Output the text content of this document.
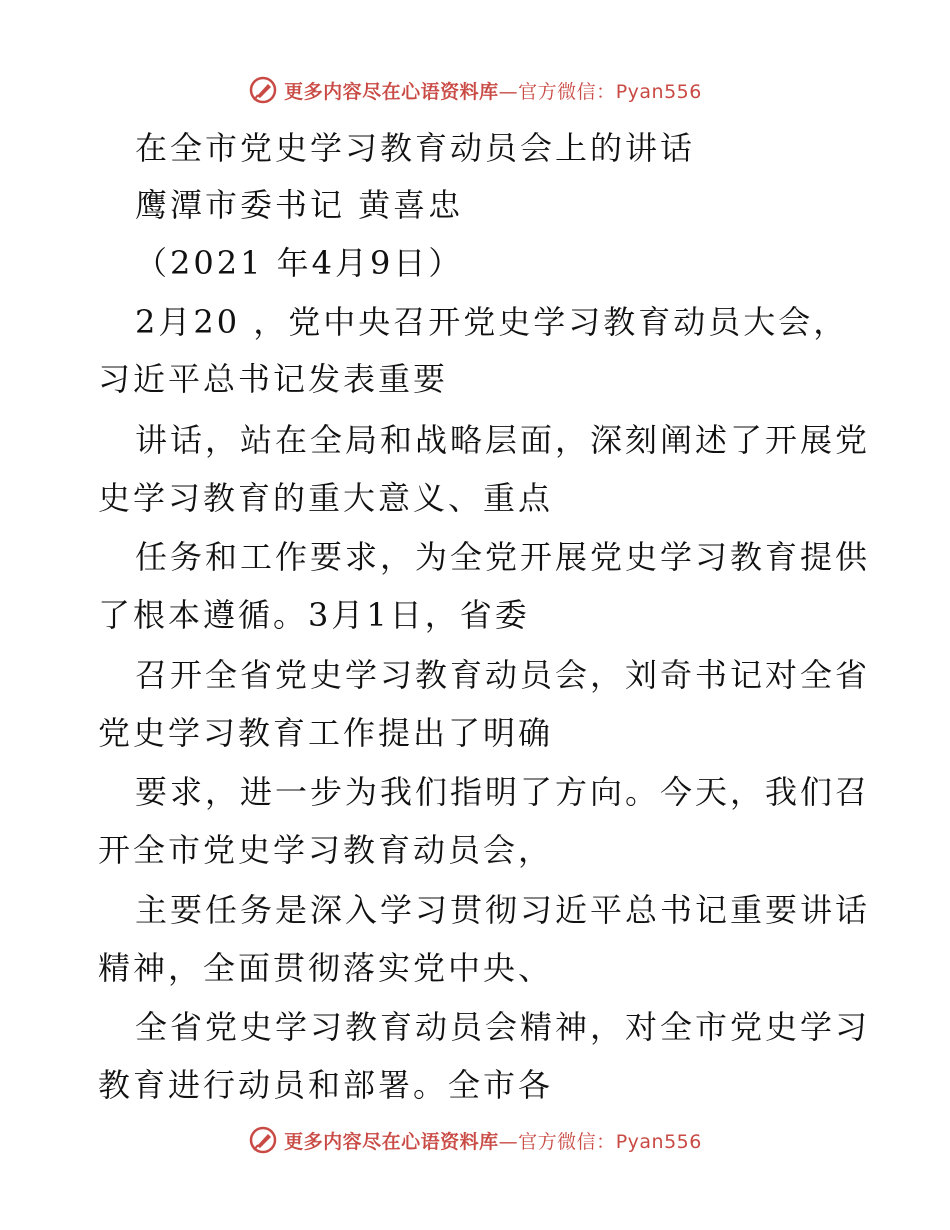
更多内容尽在心语资料库—官方微信：Pyan556
在全市党史学习教育动员会上的讲话
鹰潭市委书记 黄喜忠
（2021 年4月9日）
2月20 ，党中央召开党史学习教育动员大会，
习近平总书记发表重要
讲话，站在全局和战略层面，深刻阐述了开展党
史学习教育的重大意义、重点
任务和工作要求，为全党开展党史学习教育提供
了根本遵循。3月1日，省委
召开全省党史学习教育动员会，刘奇书记对全省
党史学习教育工作提出了明确
要求，进一步为我们指明了方向。今天，我们召
开全市党史学习教育动员会，
主要任务是深入学习贯彻习近平总书记重要讲话
精神，全面贯彻落实党中央、
全省党史学习教育动员会精神，对全市党史学习
教育进行动员和部署。全市各
更多内容尽在心语资料库—官方微信：Pyan556
